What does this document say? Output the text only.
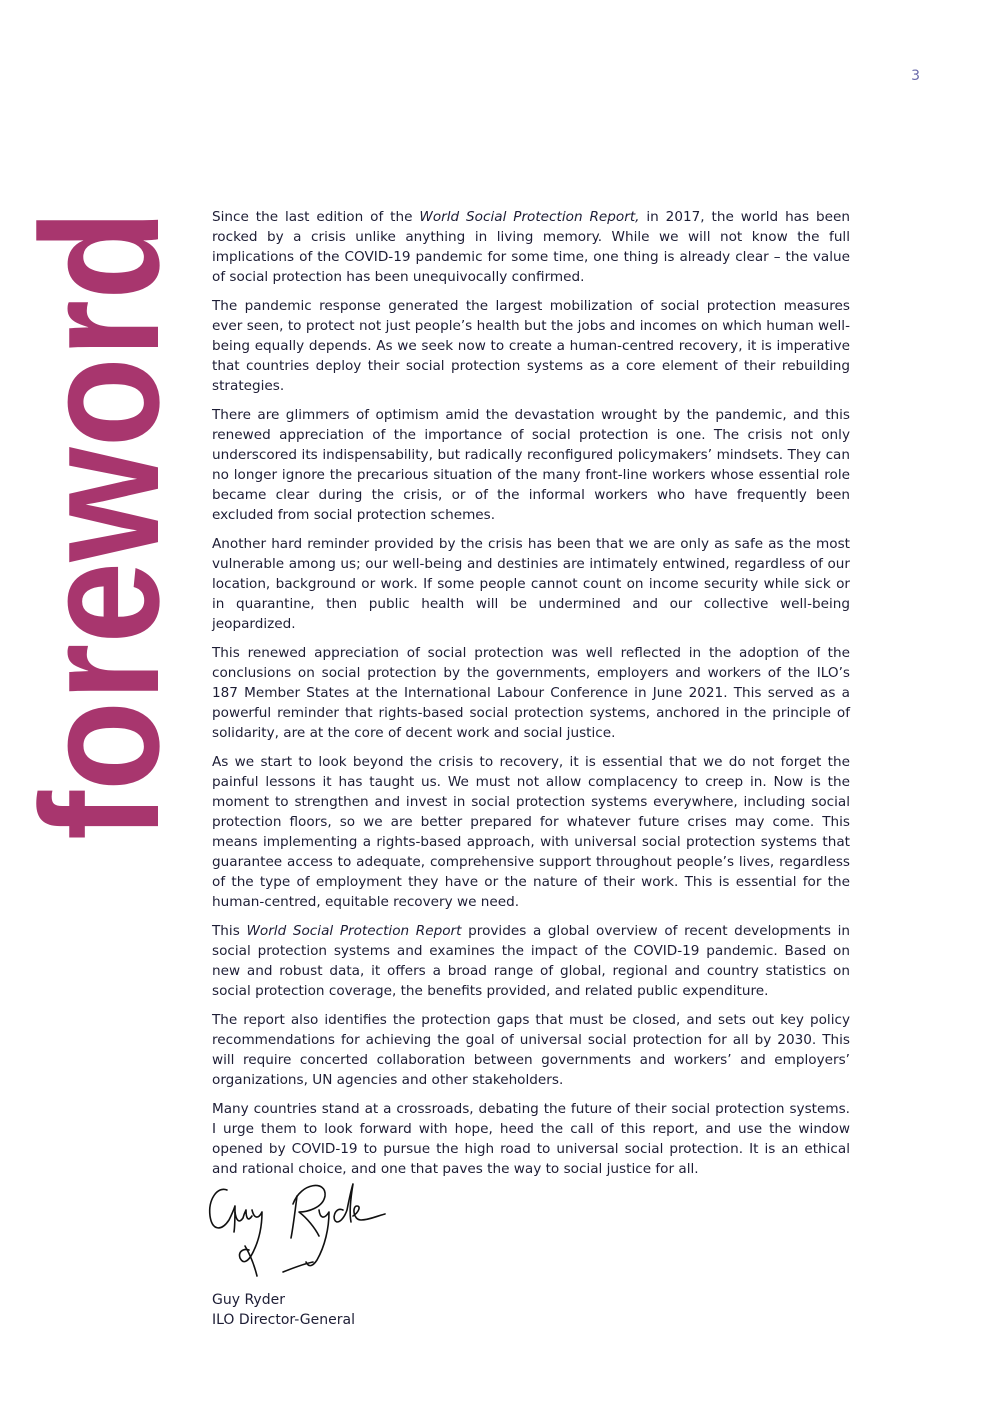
3
foreword Since the last edition of the World Social Protection Report, in 2017, the world has been rocked by a crisis unlike anything in living memory. While we will not know the full implications of the COVID-19 pandemic for some time, one thing is already clear – the value of social protection has been unequivocally confirmed.

The pandemic response generated the largest mobilization of social protection measures ever seen, to protect not just people’s health but the jobs and incomes on which human well-being equally depends. As we seek now to create a human-centred recovery, it is imperative that countries deploy their social protection systems as a core element of their rebuilding strategies.

There are glimmers of optimism amid the devastation wrought by the pandemic, and this renewed appreciation of the importance of social protection is one. The crisis not only underscored its indispensability, but radically reconfigured policymakers’ mindsets. They can no longer ignore the precarious situation of the many front-line workers whose essential role became clear during the crisis, or of the informal workers who have frequently been excluded from social protection schemes.

Another hard reminder provided by the crisis has been that we are only as safe as the most vulnerable among us; our well-being and destinies are intimately entwined, regardless of our location, background or work. If some people cannot count on income security while sick or in quarantine, then public health will be undermined and our collective well-being jeopardized.

This renewed appreciation of social protection was well reflected in the adoption of the conclusions on social protection by the governments, employers and workers of the ILO’s 187 Member States at the International Labour Conference in June 2021. This served as a powerful reminder that rights-based social protection systems, anchored in the principle of solidarity, are at the core of decent work and social justice.

As we start to look beyond the crisis to recovery, it is essential that we do not forget the painful lessons it has taught us. We must not allow complacency to creep in. Now is the moment to strengthen and invest in social protection systems everywhere, including social protection floors, so we are better prepared for whatever future crises may come. This means implementing a rights-based approach, with universal social protection systems that guarantee access to adequate, comprehensive support throughout people’s lives, regardless of the type of employment they have or the nature of their work. This is essential for the human-centred, equitable recovery we need.

This World Social Protection Report provides a global overview of recent developments in social protection systems and examines the impact of the COVID-19 pandemic. Based on new and robust data, it offers a broad range of global, regional and country statistics on social protection coverage, the benefits provided, and related public expenditure.

The report also identifies the protection gaps that must be closed, and sets out key policy recommendations for achieving the goal of universal social protection for all by 2030. This will require concerted collaboration between governments and workers’ and employers’ organizations, UN agencies and other stakeholders.

Many countries stand at a crossroads, debating the future of their social protection systems. I urge them to look forward with hope, heed the call of this report, and use the window opened by COVID-19 to pursue the high road to universal social protection. It is an ethical and rational choice, and one that paves the way to social justice for all.

Guy Ryder
ILO Director-General
